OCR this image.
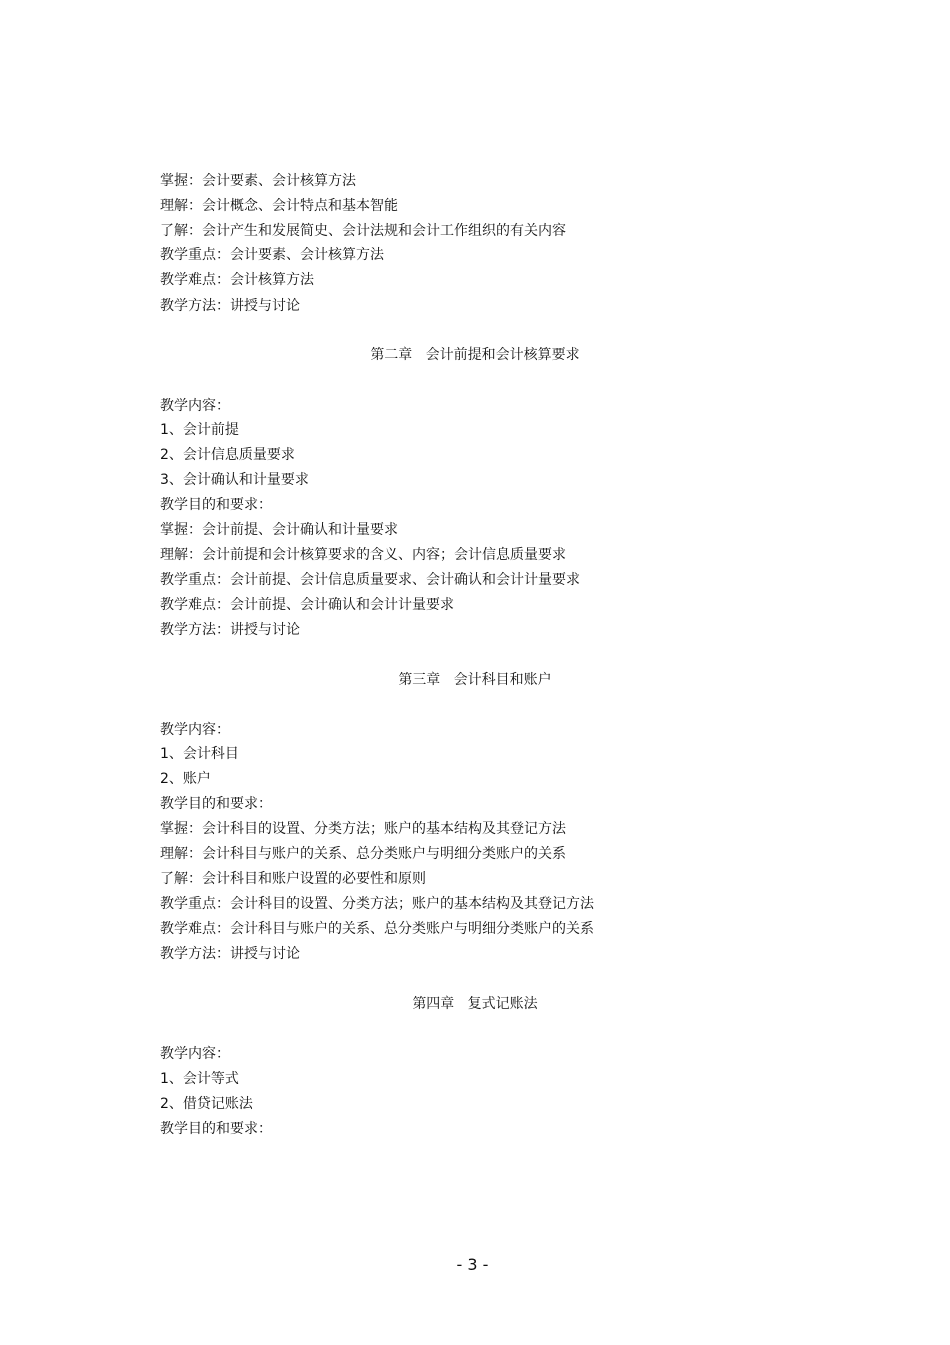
掌握：会计要素、会计核算方法
理解：会计概念、会计特点和基本智能
了解：会计产生和发展简史、会计法规和会计工作组织的有关内容
教学重点：会计要素、会计核算方法
教学难点：会计核算方法
教学方法：讲授与讨论
第二章   会计前提和会计核算要求
教学内容：
1、会计前提
2、会计信息质量要求
3、会计确认和计量要求
教学目的和要求：
掌握：会计前提、会计确认和计量要求
理解：会计前提和会计核算要求的含义、内容；会计信息质量要求
教学重点：会计前提、会计信息质量要求、会计确认和会计计量要求
教学难点：会计前提、会计确认和会计计量要求
教学方法：讲授与讨论
第三章   会计科目和账户
教学内容：
1、会计科目
2、账户
教学目的和要求：
掌握：会计科目的设置、分类方法；账户的基本结构及其登记方法
理解：会计科目与账户的关系、总分类账户与明细分类账户的关系
了解：会计科目和账户设置的必要性和原则
教学重点：会计科目的设置、分类方法；账户的基本结构及其登记方法
教学难点：会计科目与账户的关系、总分类账户与明细分类账户的关系
教学方法：讲授与讨论
第四章   复式记账法
教学内容：
1、会计等式
2、借贷记账法
教学目的和要求：
- 3 -
